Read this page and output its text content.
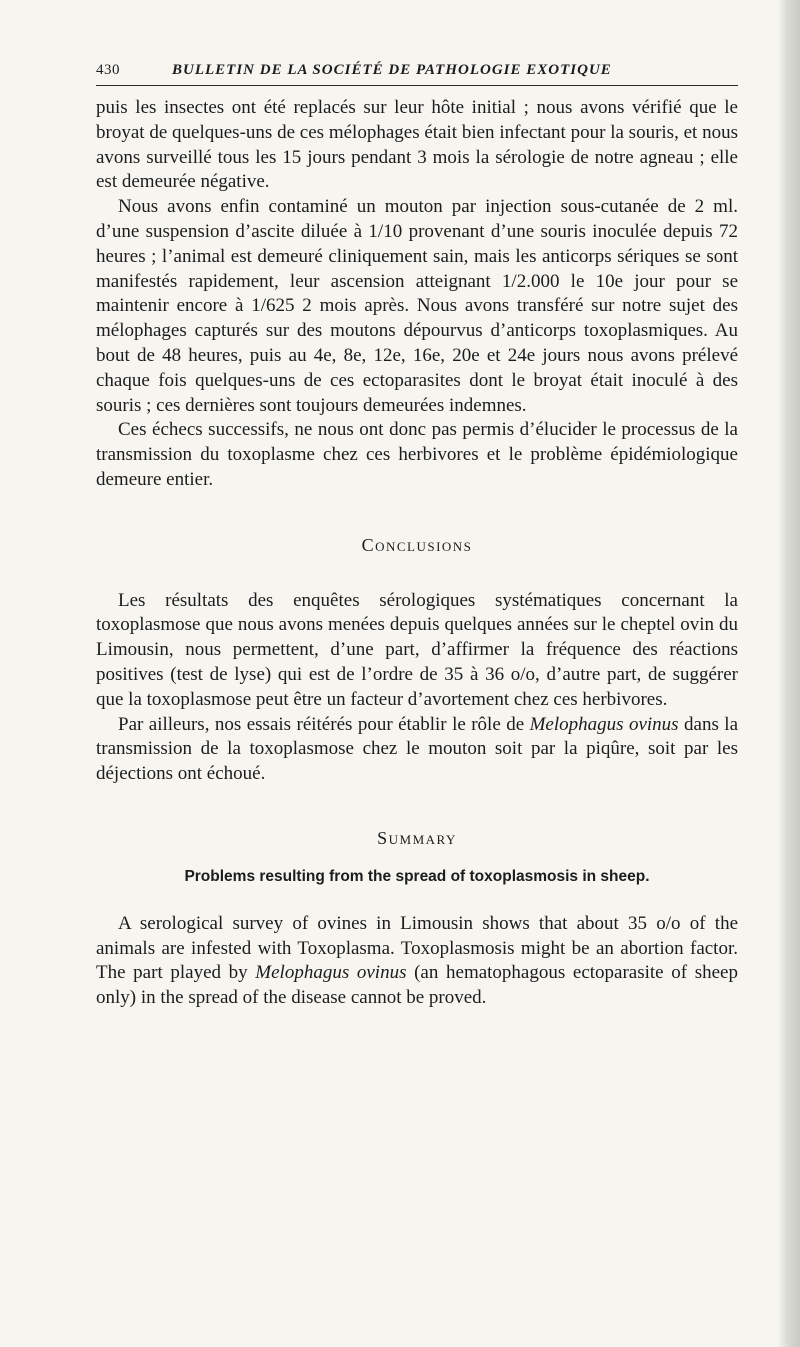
430	BULLETIN DE LA SOCIÉTÉ DE PATHOLOGIE EXOTIQUE

puis les insectes ont été replacés sur leur hôte initial ; nous avons vérifié que le broyat de quelques-uns de ces mélophages était bien infectant pour la souris, et nous avons surveillé tous les 15 jours pendant 3 mois la sérologie de notre agneau ; elle est demeurée négative.

Nous avons enfin contaminé un mouton par injection sous-cutanée de 2 ml. d’une suspension d’ascite diluée à 1/10 provenant d’une souris inoculée depuis 72 heures ; l’animal est demeuré cliniquement sain, mais les anticorps sériques se sont manifestés rapidement, leur ascension atteignant 1/2.000 le 10e jour pour se maintenir encore à 1/625 2 mois après. Nous avons transféré sur notre sujet des mélophages capturés sur des moutons dépourvus d’anticorps toxoplasmiques. Au bout de 48 heures, puis au 4e, 8e, 12e, 16e, 20e et 24e jours nous avons prélevé chaque fois quelques-uns de ces ectoparasites dont le broyat était inoculé à des souris ; ces dernières sont toujours demeurées indemnes.

Ces échecs successifs, ne nous ont donc pas permis d’élucider le processus de la transmission du toxoplasme chez ces herbivores et le problème épidémiologique demeure entier.

Conclusions

Les résultats des enquêtes sérologiques systématiques concernant la toxoplasmose que nous avons menées depuis quelques années sur le cheptel ovin du Limousin, nous permettent, d’une part, d’affirmer la fréquence des réactions positives (test de lyse) qui est de l’ordre de 35 à 36 o/o, d’autre part, de suggérer que la toxoplasmose peut être un facteur d’avortement chez ces herbivores.

Par ailleurs, nos essais réitérés pour établir le rôle de Melophagus ovinus dans la transmission de la toxoplasmose chez le mouton soit par la piqûre, soit par les déjections ont échoué.

Summary
Problems resulting from the spread of toxoplasmosis in sheep.

A serological survey of ovines in Limousin shows that about 35 o/o of the animals are infested with Toxoplasma. Toxoplasmosis might be an abortion factor. The part played by Melophagus ovinus (an hematophagous ectoparasite of sheep only) in the spread of the disease cannot be proved.
